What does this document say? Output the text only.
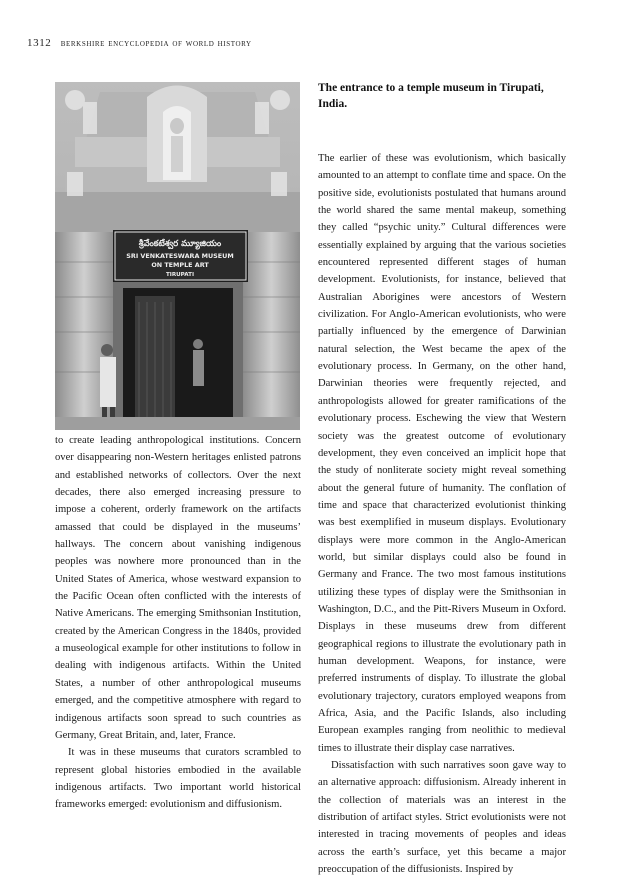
1312 berkshire encyclopedia of world history
శ్రీవేంకటేశ్వర మ్యూజియం
SRI VENKATESWARA MUSEUM
ON TEMPLE ART
TIRUPATI
The entrance to a temple museum in Tirupati, India.

to create leading anthropological institutions. Concern over disappearing non-Western heritages enlisted patrons and established networks of collectors. Over the next decades, there also emerged increasing pressure to impose a coherent, orderly framework on the artifacts amassed that could be displayed in the museums’ hallways. The concern about vanishing indigenous peoples was nowhere more pronounced than in the United States of America, whose westward expansion to the Pacific Ocean often conflicted with the interests of Native Americans. The emerging Smithsonian Institution, created by the American Congress in the 1840s, provided a museological example for other institutions to follow in dealing with indigenous artifacts. Within the United States, a number of other anthropological museums emerged, and the competitive atmosphere with regard to indigenous artifacts soon spread to such countries as Germany, Great Britain, and, later, France.

It was in these museums that curators scrambled to represent global histories embodied in the available indigenous artifacts. Two important world historical frameworks emerged: evolutionism and diffusionism.

The earlier of these was evolutionism, which basically amounted to an attempt to conflate time and space. On the positive side, evolutionists postulated that humans around the world shared the same mental makeup, something they called “psychic unity.” Cultural differences were essentially explained by arguing that the various societies encountered represented different stages of human development. Evolutionists, for instance, believed that Australian Aborigines were ancestors of Western civilization. For Anglo-American evolutionists, who were partially influenced by the emergence of Darwinian natural selection, the West became the apex of the evolutionary process. In Germany, on the other hand, Darwinian theories were frequently rejected, and anthropologists allowed for greater ramifications of the evolutionary process. Eschewing the view that Western society was the greatest outcome of evolutionary development, they even conceived an implicit hope that the study of nonliterate society might reveal something about the general future of humanity. The conflation of time and space that characterized evolutionist thinking was best exemplified in museum displays. Evolutionary displays were more common in the Anglo-American world, but similar displays could also be found in Germany and France. The two most famous institutions utilizing these types of display were the Smithsonian in Washington, D.C., and the Pitt-Rivers Museum in Oxford. Displays in these museums drew from different geographical regions to illustrate the evolutionary path in human development. Weapons, for instance, were preferred instruments of display. To illustrate the global evolutionary trajectory, curators employed weapons from Africa, Asia, and the Pacific Islands, also including European examples ranging from neolithic to medieval times to illustrate their display case narratives.

Dissatisfaction with such narratives soon gave way to an alternative approach: diffusionism. Already inherent in the collection of materials was an interest in the distribution of artifact styles. Strict evolutionists were not interested in tracing movements of peoples and ideas across the earth’s surface, yet this became a major preoccupation of the diffusionists. Inspired by
